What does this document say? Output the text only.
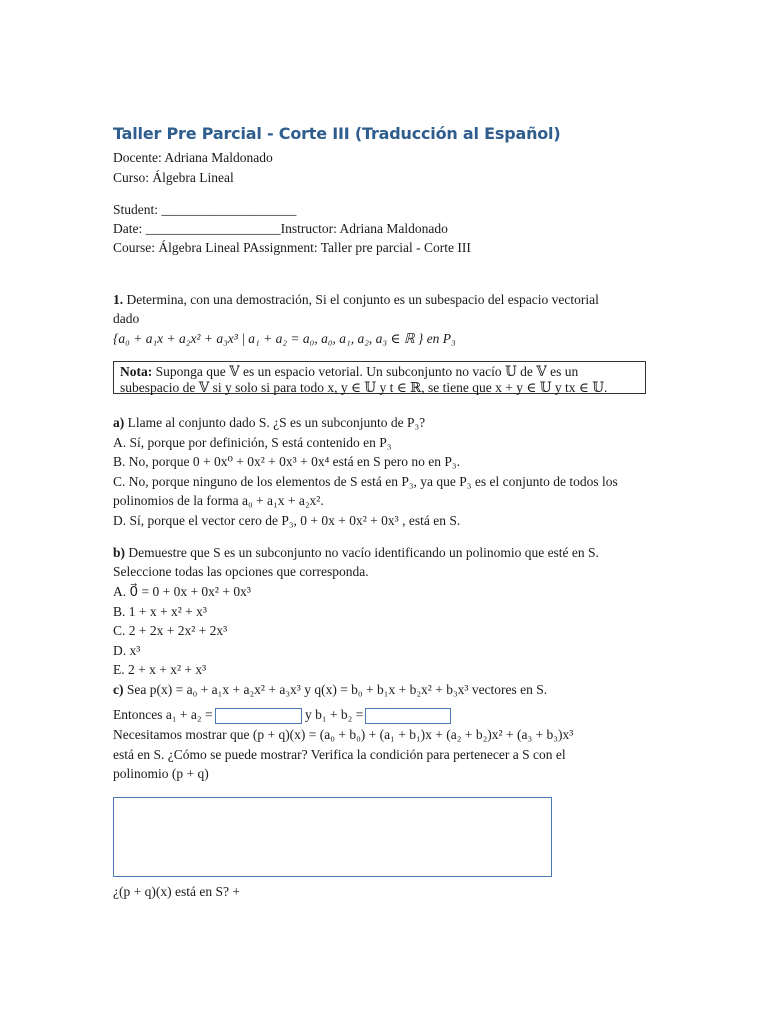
Taller Pre Parcial - Corte III (Traducción al Español)
Docente: Adriana Maldonado
Curso: Álgebra Lineal
Student: ____________________
Date: ____________________Instructor: Adriana Maldonado
Course: Álgebra Lineal PAssignment: Taller pre parcial - Corte III
1. Determina, con una demostración, Si el conjunto es un subespacio del espacio vectorial
dado
{a₀ + a₁x + a₂x² + a₃x³ | a₁ + a₂ = a₀, a₀, a₁, a₂, a₃ ∈ ℝ } en P₃
Nota: Suponga que 𝕍 es un espacio vetorial. Un subconjunto no vacío 𝕌 de 𝕍 es un
subespacio de 𝕍 si y solo si para todo x, y ∈ 𝕌 y t ∈ ℝ, se tiene que x + y ∈ 𝕌 y tx ∈ 𝕌.
a) Llame al conjunto dado S. ¿S es un subconjunto de P₃?
A. Sí, porque por definición, S está contenido en P₃
B. No, porque 0 + 0x⁰ + 0x² + 0x³ + 0x⁴ está en S pero no en P₃.
C. No, porque ninguno de los elementos de S está en P₃, ya que P₃ es el conjunto de todos los
polinomios de la forma a₀ + a₁x + a₂x².
D. Sí, porque el vector cero de P₃, 0 + 0x + 0x² + 0x³ , está en S.
b) Demuestre que S es un subconjunto no vacío identificando un polinomio que esté en S.
Seleccione todas las opciones que corresponda.
A. 0⃗ = 0 + 0x + 0x² + 0x³
B. 1 + x + x² + x³
C. 2 + 2x + 2x² + 2x³
D. x³
E. 2 + x + x² + x³
c) Sea p(x) = a₀ + a₁x + a₂x² + a₃x³ y q(x) = b₀ + b₁x + b₂x² + b₃x³ vectores en S.
Entonces a₁ + a₂ =	y b₁ + b₂ =
Necesitamos mostrar que (p + q)(x) = (a₀ + b₀) + (a₁ + b₁)x + (a₂ + b₂)x² + (a₃ + b₃)x³
está en S. ¿Cómo se puede mostrar? Verifica la condición para pertenecer a S con el
polinomio (p + q)
¿(p + q)(x) está en S? +
